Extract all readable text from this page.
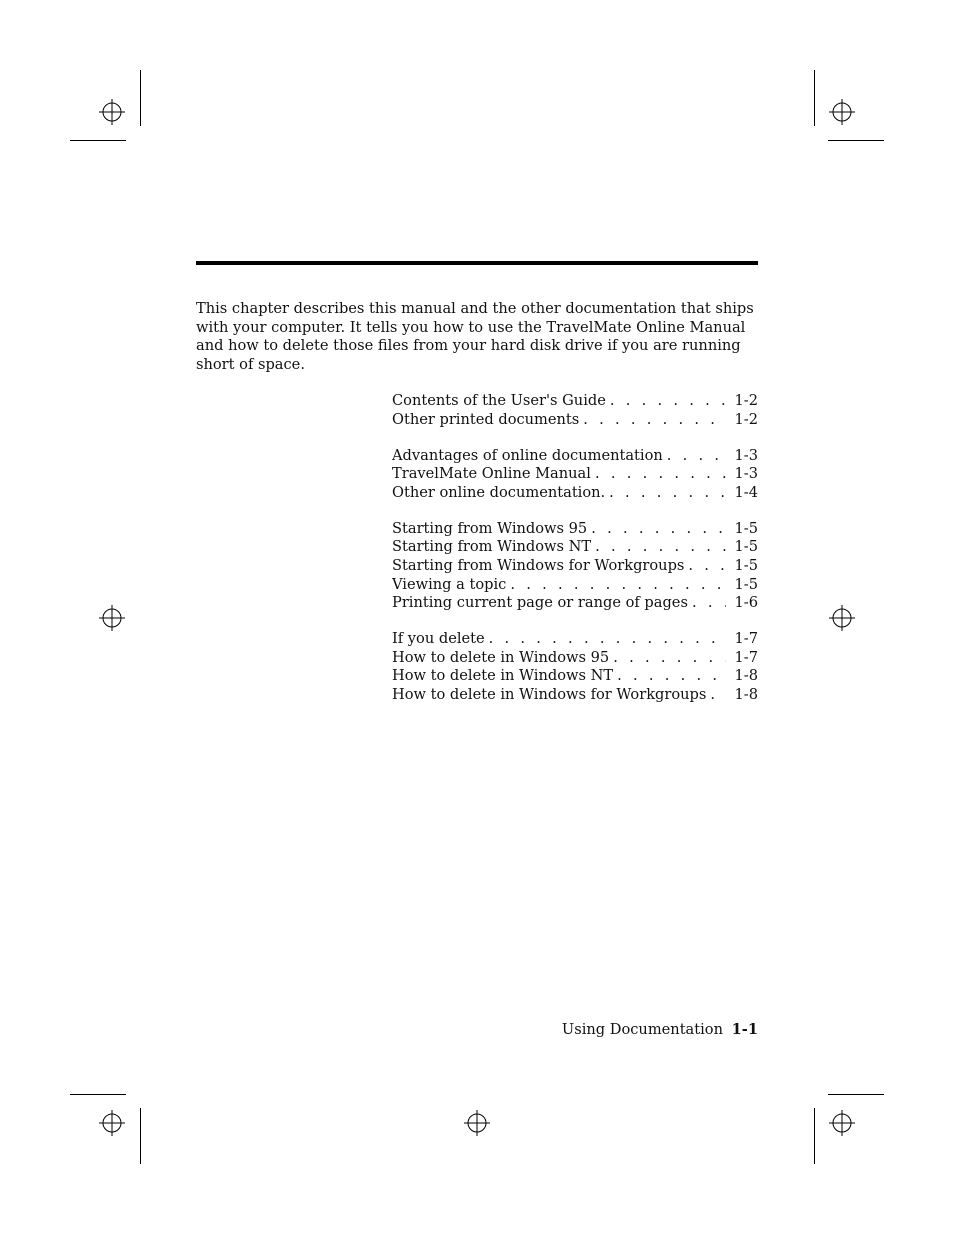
This chapter describes this manual and the other documentation that ships with your computer. It tells you how to use the TravelMate Online Manual and how to delete those files from your hard disk drive if you are running short of space.

Contents of the User's Guide . . .	1-2
Other printed documents . . .	1-2
Advantages of online documentation . . .	1-3
TravelMate Online Manual . . .	1-3
Other online documentation. . . .	1-4
Starting from Windows 95 . . .	1-5
Starting from Windows NT . . .	1-5
Starting from Windows for Workgroups . . .	1-5
Viewing a topic . . .	1-5
Printing current page or range of pages . . .	1-6
If you delete . . .	1-7
How to delete in Windows 95 . . .	1-7
How to delete in Windows NT . . .	1-8
How to delete in Windows for Workgroups . . .	1-8
Using Documentation 1-1
